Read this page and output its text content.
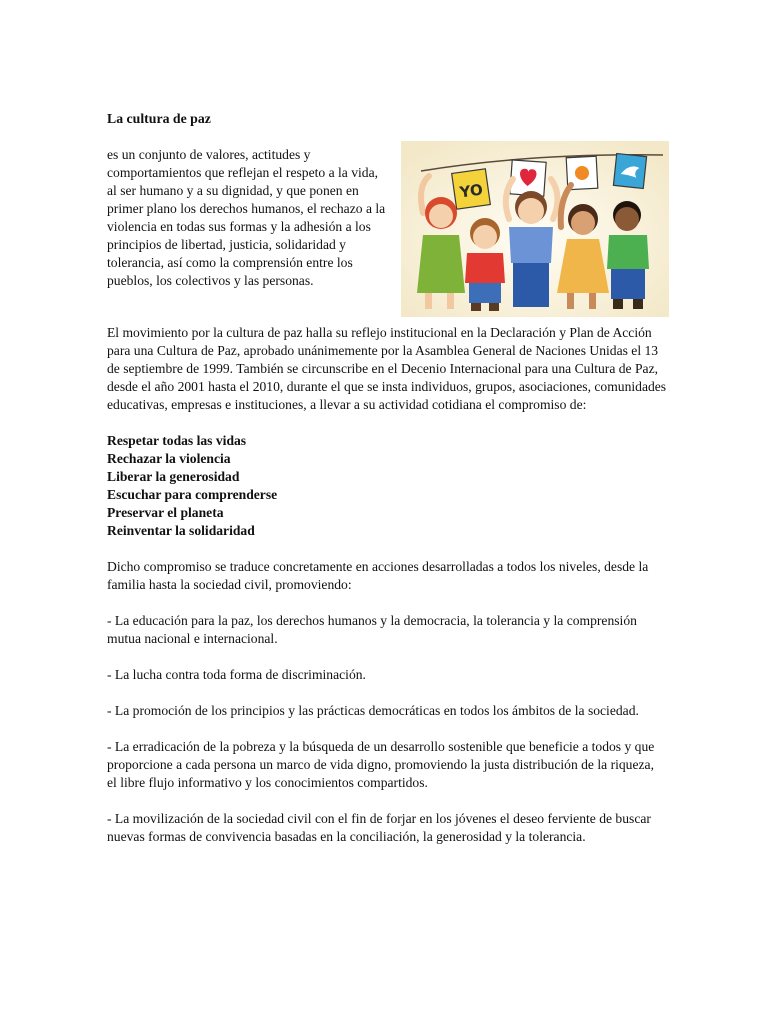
La cultura de paz

es un conjunto de valores, actitudes y comportamientos que reflejan el respeto a la vida, al ser humano y a su dignidad, y que ponen en primer plano los derechos humanos, el rechazo a la violencia en todas sus formas y la adhesión a los principios de libertad, justicia, solidaridad y tolerancia, así como la comprensión entre los pueblos, los colectivos y las personas.

YO

El movimiento por la cultura de paz halla su reflejo institucional en la Declaración y Plan de Acción para una Cultura de Paz, aprobado unánimemente por la Asamblea General de Naciones Unidas el 13 de septiembre de 1999. También se circunscribe en el Decenio Internacional para una Cultura de Paz, desde el año 2001 hasta el 2010, durante el que se insta individuos, grupos, asociaciones, comunidades educativas, empresas e instituciones, a llevar a su actividad cotidiana el compromiso de:

Respetar todas las vidas
Rechazar la violencia
Liberar la generosidad
Escuchar para comprenderse
Preservar el planeta
Reinventar la solidaridad

Dicho compromiso se traduce concretamente en acciones desarrolladas a todos los niveles, desde la familia hasta la sociedad civil, promoviendo:

- La educación para la paz, los derechos humanos y la democracia, la tolerancia y la comprensión mutua nacional e internacional.

- La lucha contra toda forma de discriminación.

- La promoción de los principios y las prácticas democráticas en todos los ámbitos de la sociedad.

- La erradicación de la pobreza y la búsqueda de un desarrollo sostenible que beneficie a todos y que proporcione a cada persona un marco de vida digno, promoviendo la justa distribución de la riqueza, el libre flujo informativo y los conocimientos compartidos.

- La movilización de la sociedad civil con el fin de forjar en los jóvenes el deseo ferviente de buscar nuevas formas de convivencia basadas en la conciliación, la generosidad y la tolerancia.
